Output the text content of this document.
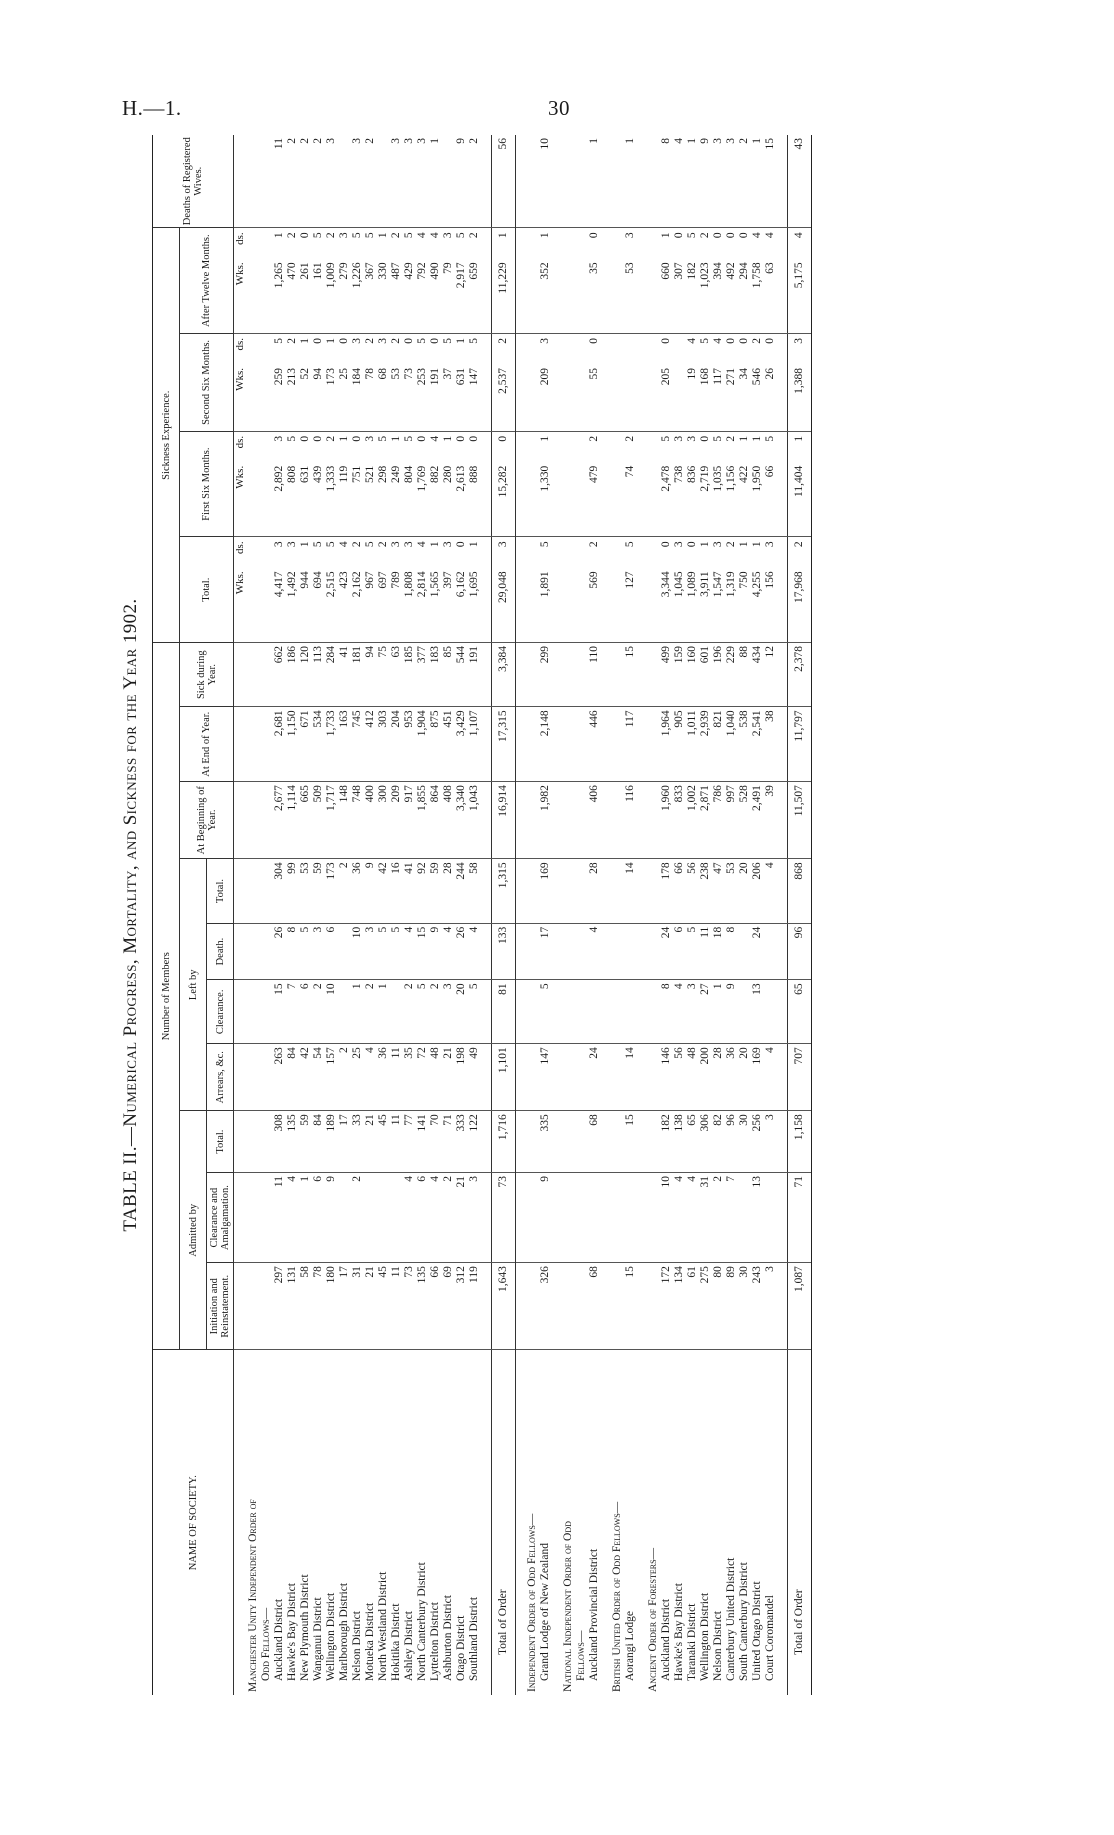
H.—1.	30
TABLE II.—Numerical Progress, Mortality, and Sickness for the Year 1902.
NAME OF SOCIETY.	Number of Members										Sickness Experience.								Deaths of Registered Wives.
	Admitted by			Left by				At Beginning of Year.	At End of Year.	Sick during Year.	Total.		First Six Months.		Second Six Months.		After Twelve Months.		
	Initiation and Reinstatement.	Clearance and Amalgamation.	Total.	Arrears, &c.	Clearance.	Death.	Total.												
											Wks.	ds.	Wks.	ds.	Wks.	ds.	Wks.	ds.	
Manchester Unity Independent Order of																			
Odd Fellows—																			
Auckland District	297	11	308	263	15	26	304	2,677	2,681	662	4,417	3	2,892	3	259	5	1,265	1	11
Hawke's Bay District	131	4	135	84	7	8	99	1,114	1,150	186	1,492	3	808	5	213	2	470	2	2
New Plymouth District	58	1	59	42	6	5	53	665	671	120	944	1	631	0	52	1	261	0	2
Wanganui District	78	6	84	54	2	3	59	509	534	113	694	5	439	0	94	0	161	5	2
Wellington District	180	9	189	157	10	6	173	1,717	1,733	284	2,515	5	1,333	2	173	1	1,009	2	3
Marlborough District	17		17	2			2	148	163	41	423	4	119	1	25	0	279	3	
Nelson District	31	2	33	25	1	10	36	748	745	181	2,162	2	751	0	184	3	1,226	5	3
Motueka District	21		21	4	2	3	9	400	412	94	967	5	521	3	78	2	367	5	2
North Westland District	45		45	36	1	5	42	300	303	75	697	2	298	5	68	3	330	1	
Hokitika District	11		11	11		5	16	209	204	63	789	3	249	1	53	2	487	2	3
Ashley District	73	4	77	35	2	4	41	917	953	185	1,808	3	804	5	73	0	429	5	3
North Canterbury District	135	6	141	72	5	15	92	1,855	1,904	377	2,814	4	1,769	0	253	5	792	4	3
Lyttelton District	66	4	70	48	2	9	59	864	875	183	1,565	1	882	4	191	0	490	4	1
Ashburton District	69	2	71	21	3	4	28	408	451	85	397	3	280	1	37	5	79	3	
Otago District	312	21	333	198	20	26	244	3,340	3,429	544	6,162	0	2,613	0	631	1	2,917	5	9
Southland District	119	3	122	49	5	4	58	1,043	1,107	191	1,695	1	888	0	147	5	659	2	2

Total of Order	1,643	73	1,716	1,101	81	133	1,315	16,914	17,315	3,384	29,048	3	15,282	0	2,537	2	11,229	1	56

Independent Order of Odd Fellows—																			
Grand Lodge of New Zealand	326	9	335	147	5	17	169	1,982	2,148	299	1,891	5	1,330	1	209	3	352	1	10

National Independent Order of Odd																			
Fellows—																			
Auckland Provincial District	68		68	24		4	28	406	446	110	569	2	479	2	55	0	35	0	1

British United Order of Odd Fellows—																			
Aorangi Lodge	15		15	14			14	116	117	15	127	5	74	2			53	3	1

Ancient Order of Foresters—																			
Auckland District	172	10	182	146	8	24	178	1,960	1,964	499	3,344	0	2,478	5	205	0	660	1	8
Hawke's Bay District	134	4	138	56	4	6	66	833	905	159	1,045	3	738	3			307	0	4
Taranaki District	61	4	65	48	3	5	56	1,002	1,011	160	1,089	0	836	3	19	4	182	5	1
Wellington District	275	31	306	200	27	11	238	2,871	2,939	601	3,911	1	2,719	0	168	5	1,023	2	9
Nelson District	80	2	82	28	1	18	47	786	821	196	1,547	3	1,035	5	117	4	394	0	3
Canterbury United District	89	7	96	36	9	8	53	997	1,040	229	1,319	2	1,156	2	271	0	492	0	3
South Canterbury District	30		30	20			20	528	538	88	750	1	422	1	34	0	294	0	2
United Otago District	243	13	256	169	13	24	206	2,491	2,541	434	4,255	1	1,950	1	546	2	1,758	4	1
Court Coromandel	3		3	4			4	39	38	12	156	3	66	5	26	0	63	4	15

Total of Order	1,087	71	1,158	707	65	96	868	11,507	11,797	2,378	17,968	2	11,404	1	1,388	3	5,175	4	43
